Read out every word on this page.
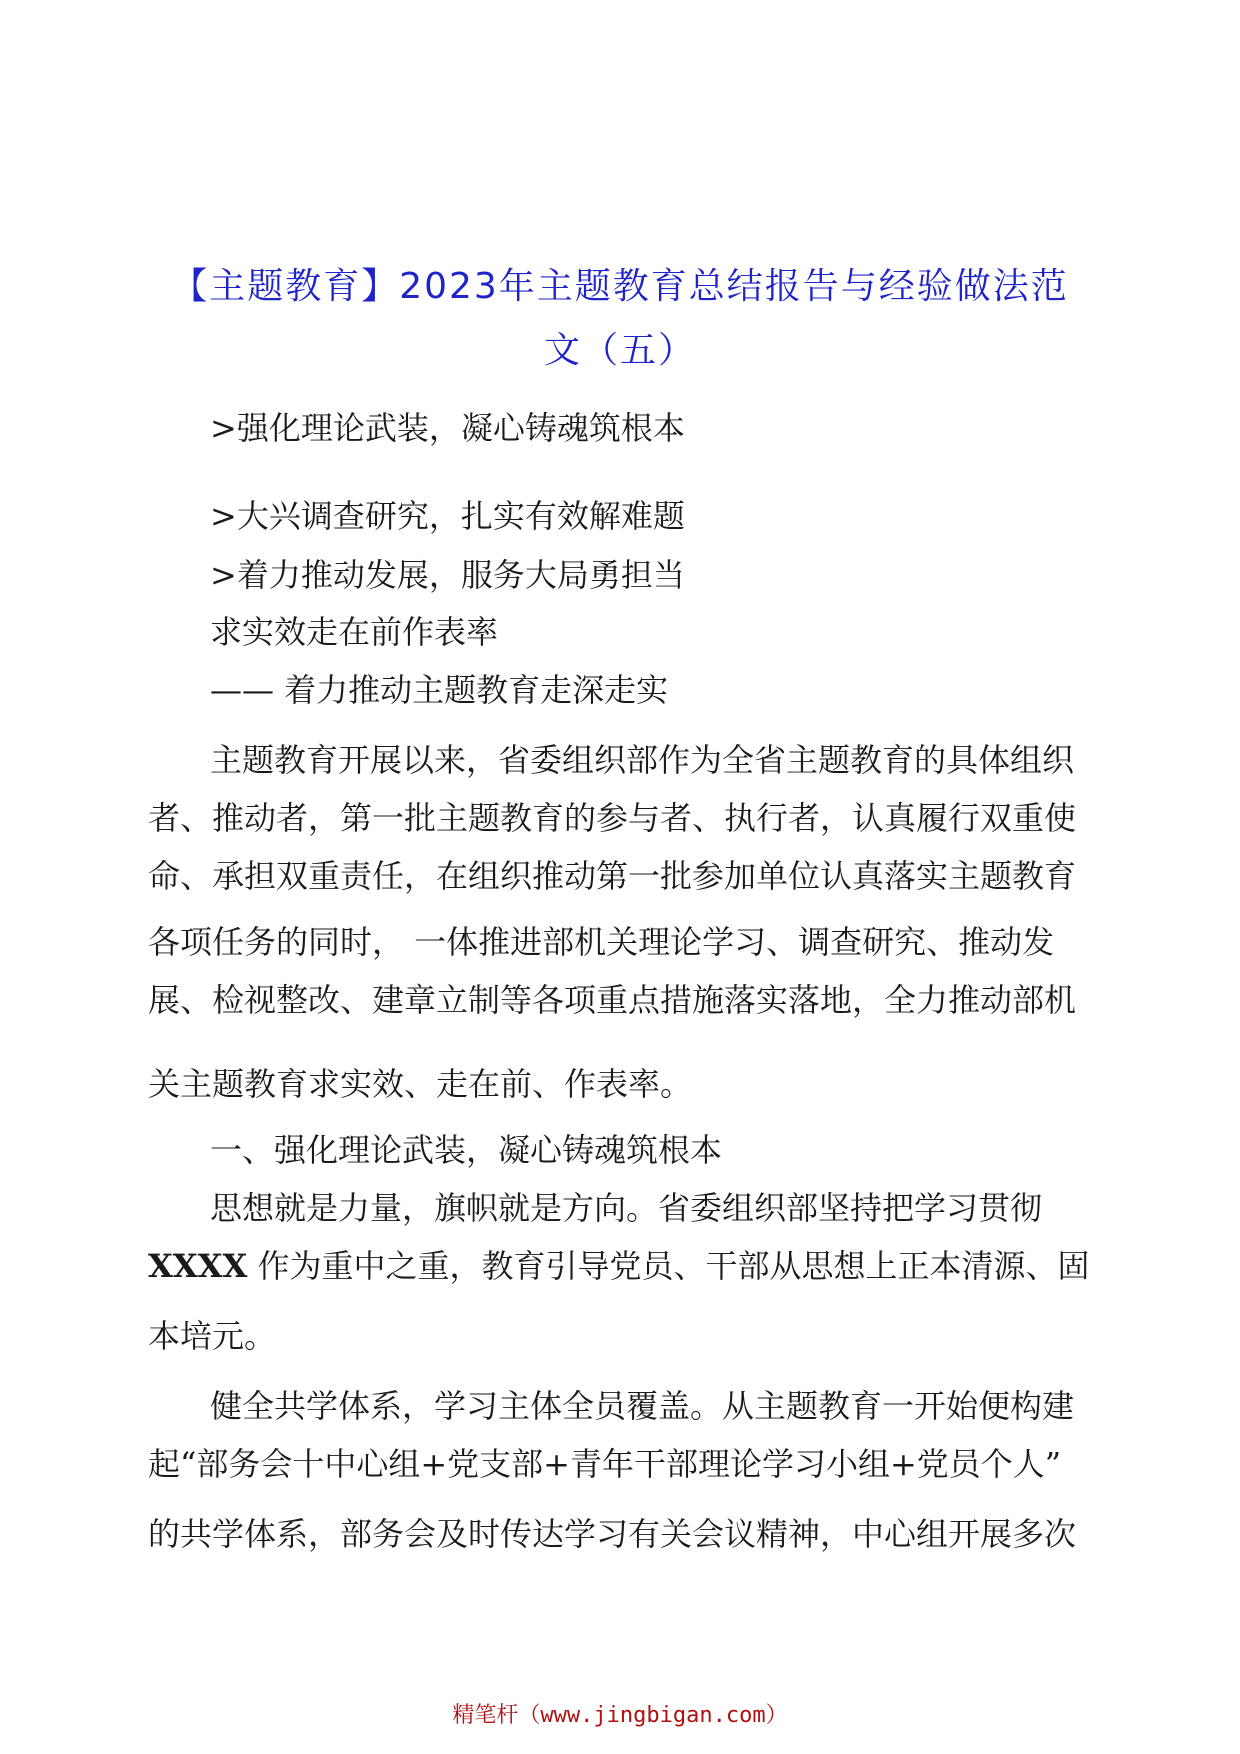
【主题教育】2023年主题教育总结报告与经验做法范
文（五）
>强化理论武装，凝心铸魂筑根本
>大兴调查研究，扎实有效解难题
>着力推动发展，服务大局勇担当
求实效走在前作表率
—— 着力推动主题教育走深走实
主题教育开展以来，省委组织部作为全省主题教育的具体组织
者、推动者，第一批主题教育的参与者、执行者，认真履行双重使
命、承担双重责任，在组织推动第一批参加单位认真落实主题教育
各项任务的同时， 一体推进部机关理论学习、调查研究、推动发
展、检视整改、建章立制等各项重点措施落实落地，全力推动部机
关主题教育求实效、走在前、作表率。
一、强化理论武装，凝心铸魂筑根本
思想就是力量，旗帜就是方向。省委组织部坚持把学习贯彻
XXXX 作为重中之重，教育引导党员、干部从思想上正本清源、固
本培元。
健全共学体系，学习主体全员覆盖。从主题教育一开始便构建
起“部务会十中心组+党支部+青年干部理论学习小组+党员个人”
的共学体系，部务会及时传达学习有关会议精神，中心组开展多次
精笔杆（www.jingbigan.com）
